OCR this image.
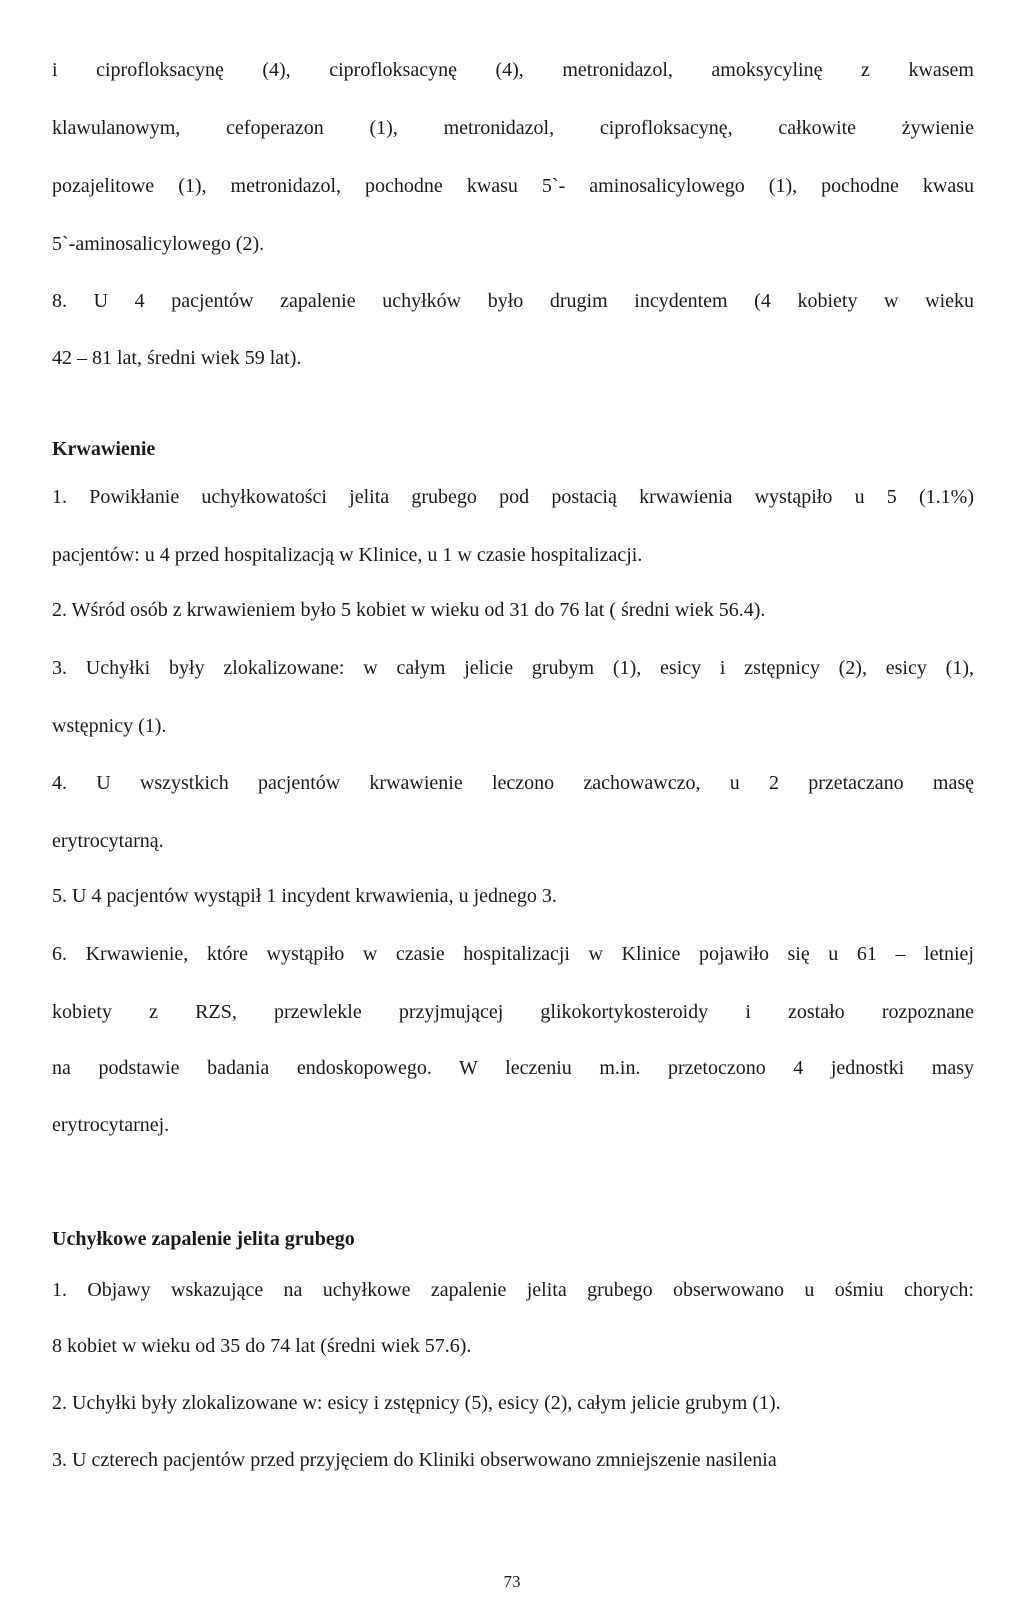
i ciprofloksacynę (4), ciprofloksacynę (4), metronidazol, amoksycylinę z kwasem
klawulanowym, cefoperazon (1), metronidazol, ciprofloksacynę, całkowite żywienie
pozajelitowe (1), metronidazol, pochodne kwasu 5`- aminosalicylowego (1), pochodne kwasu
5`-aminosalicylowego (2).
8. U 4 pacjentów zapalenie uchyłków było drugim incydentem (4 kobiety w wieku
42 – 81 lat, średni wiek 59 lat).
Krwawienie
1. Powikłanie uchyłkowatości jelita grubego pod postacią krwawienia wystąpiło u 5 (1.1%)
pacjentów: u 4 przed hospitalizacją w Klinice, u 1 w czasie hospitalizacji.
2. Wśród osób z krwawieniem było 5 kobiet w wieku od 31 do 76 lat ( średni wiek 56.4).
3. Uchyłki były zlokalizowane: w całym jelicie grubym (1), esicy i zstępnicy (2), esicy (1),
wstępnicy (1).
4. U wszystkich pacjentów krwawienie leczono zachowawczo, u 2 przetaczano masę
erytrocytarną.
5. U 4 pacjentów wystąpił 1 incydent krwawienia, u jednego 3.
6. Krwawienie, które wystąpiło w czasie hospitalizacji w Klinice pojawiło się u 61 – letniej
kobiety z RZS, przewlekle przyjmującej glikokortykosteroidy i zostało rozpoznane
na podstawie badania endoskopowego. W leczeniu m.in. przetoczono 4 jednostki masy
erytrocytarnej.
Uchyłkowe zapalenie jelita grubego
1. Objawy wskazujące na uchyłkowe zapalenie jelita grubego obserwowano u ośmiu chorych:
8 kobiet w wieku od 35 do 74 lat (średni wiek 57.6).
2. Uchyłki były zlokalizowane w: esicy i zstępnicy (5), esicy (2), całym jelicie grubym (1).
3. U czterech pacjentów przed przyjęciem do Kliniki obserwowano zmniejszenie nasilenia
73
